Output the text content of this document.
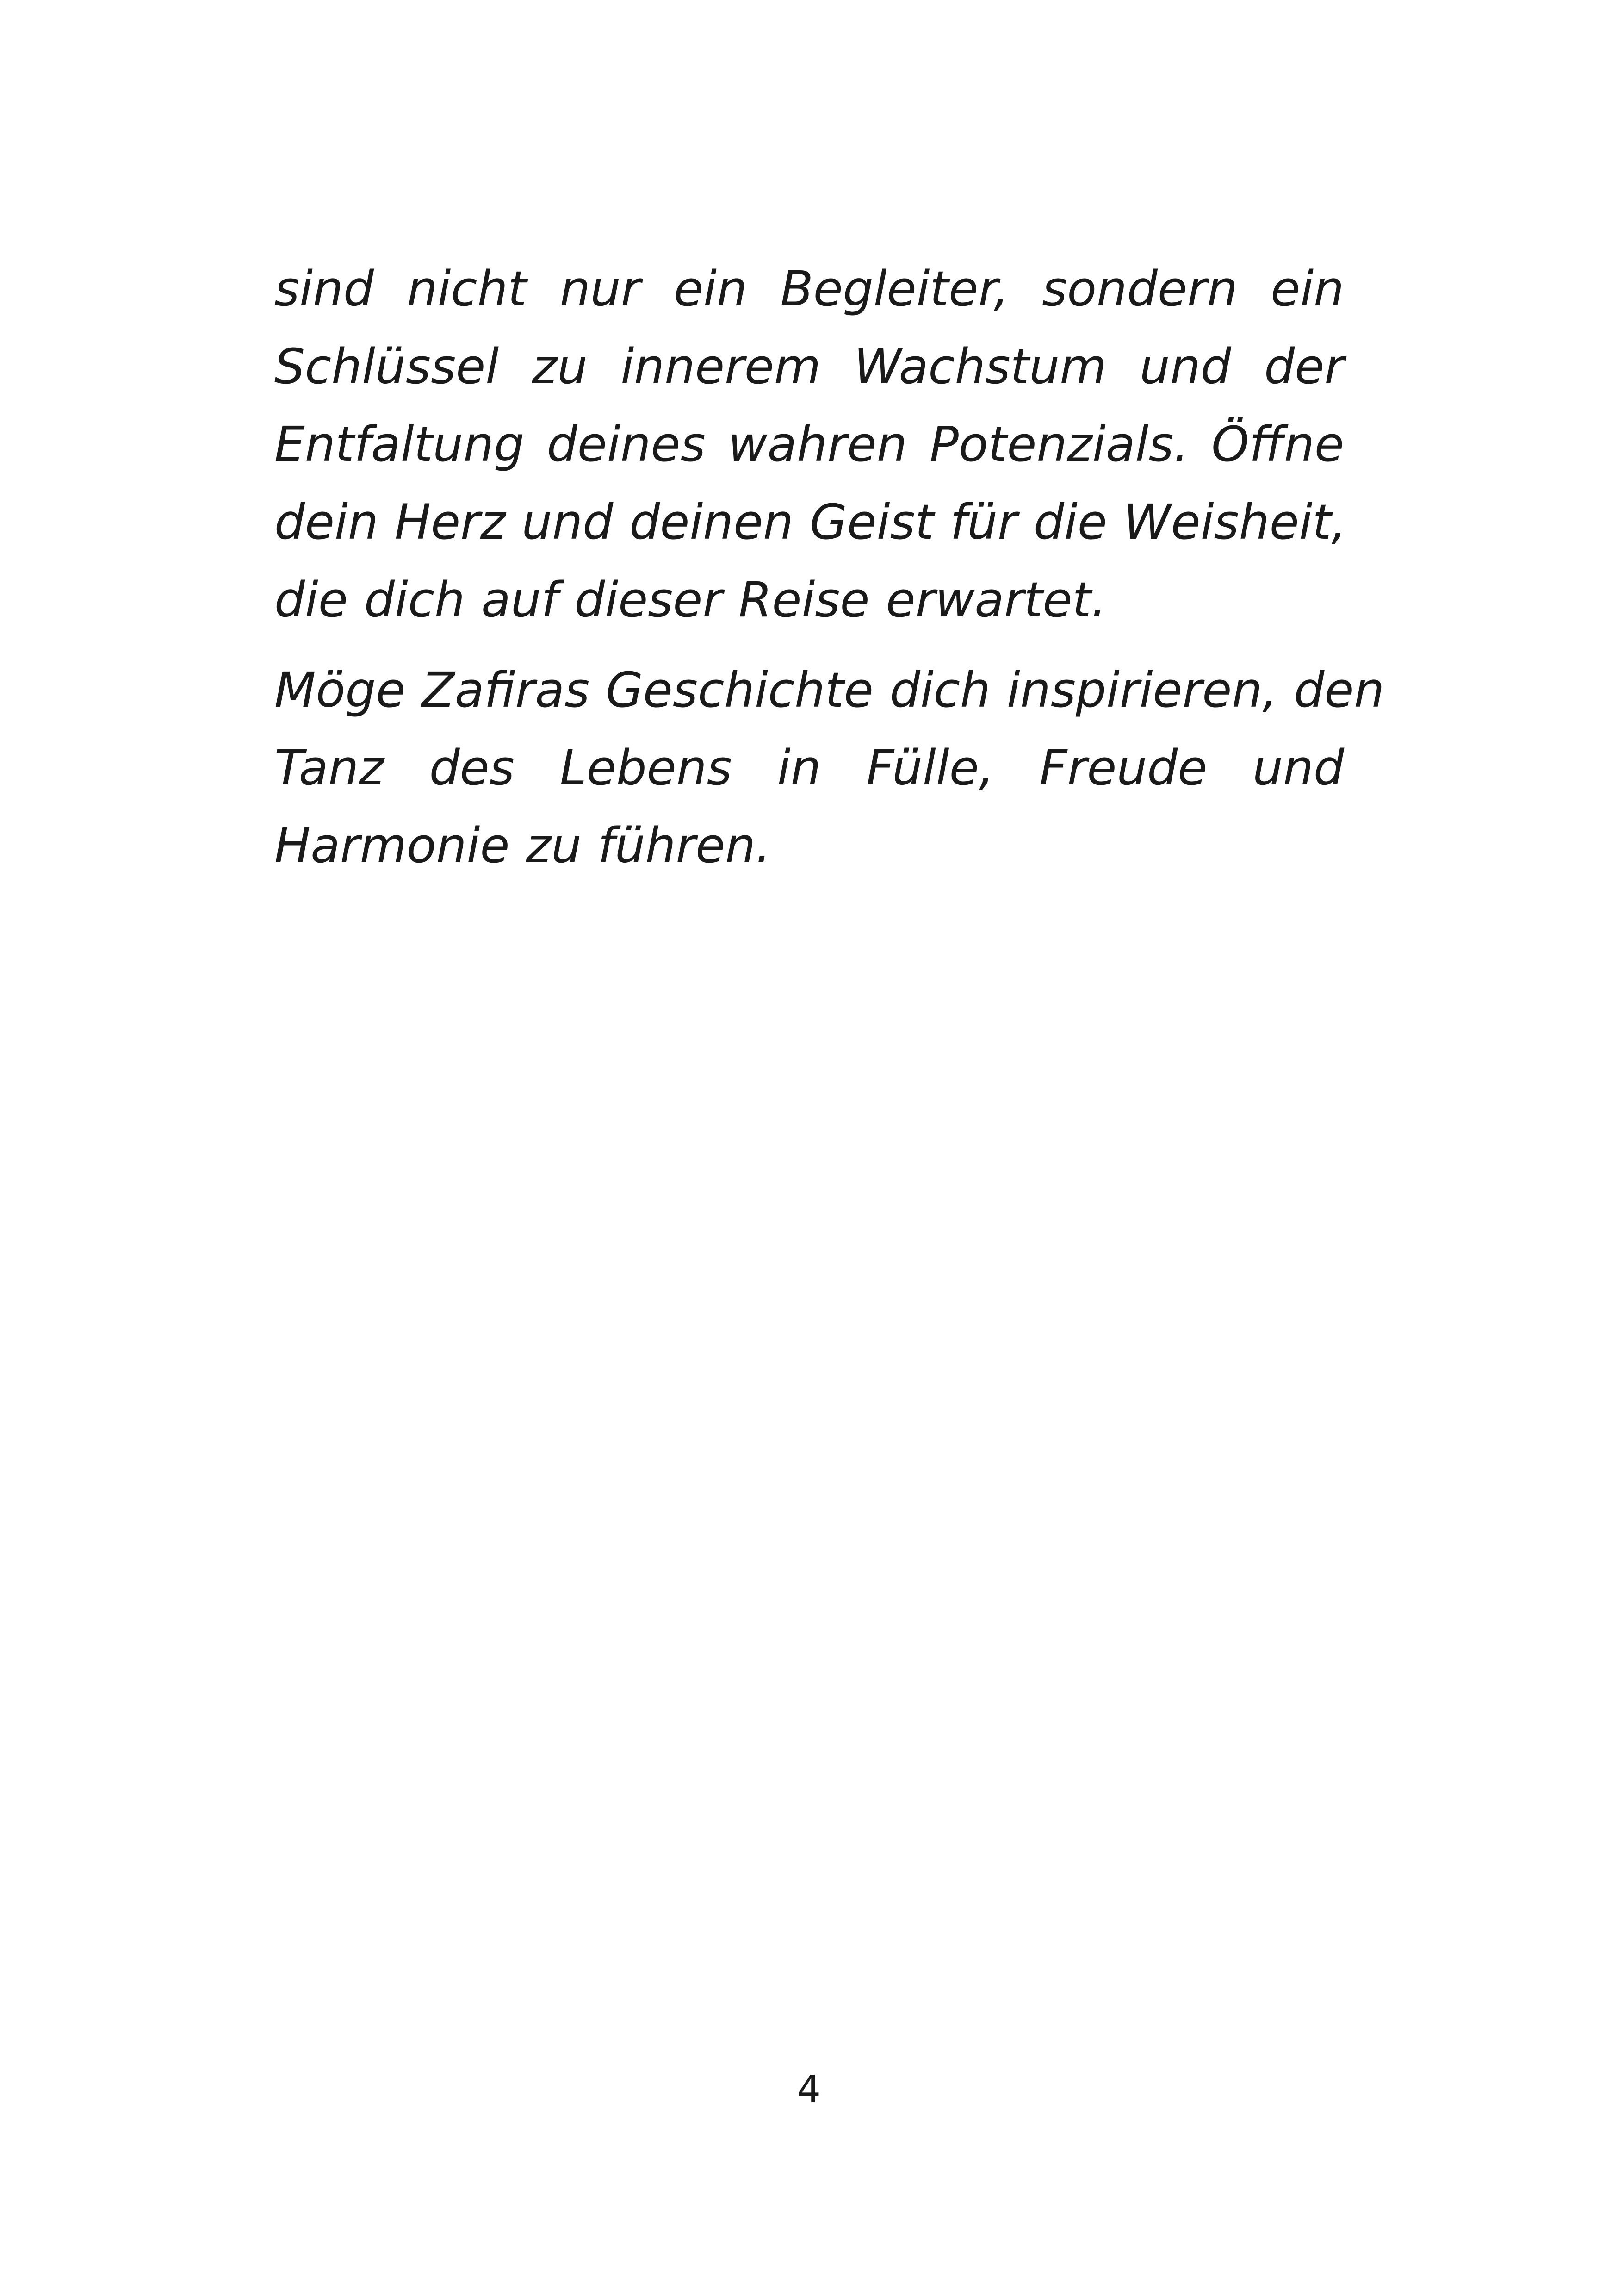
sind nicht nur ein Begleiter, sondern ein
Schlüssel zu innerem Wachstum und der
Entfaltung deines wahren Potenzials. Öffne
dein Herz und deinen Geist für die Weisheit,
die dich auf dieser Reise erwartet.

Möge Zafiras Geschichte dich inspirieren, den
Tanz des Lebens in Fülle, Freude und
Harmonie zu führen.

4
